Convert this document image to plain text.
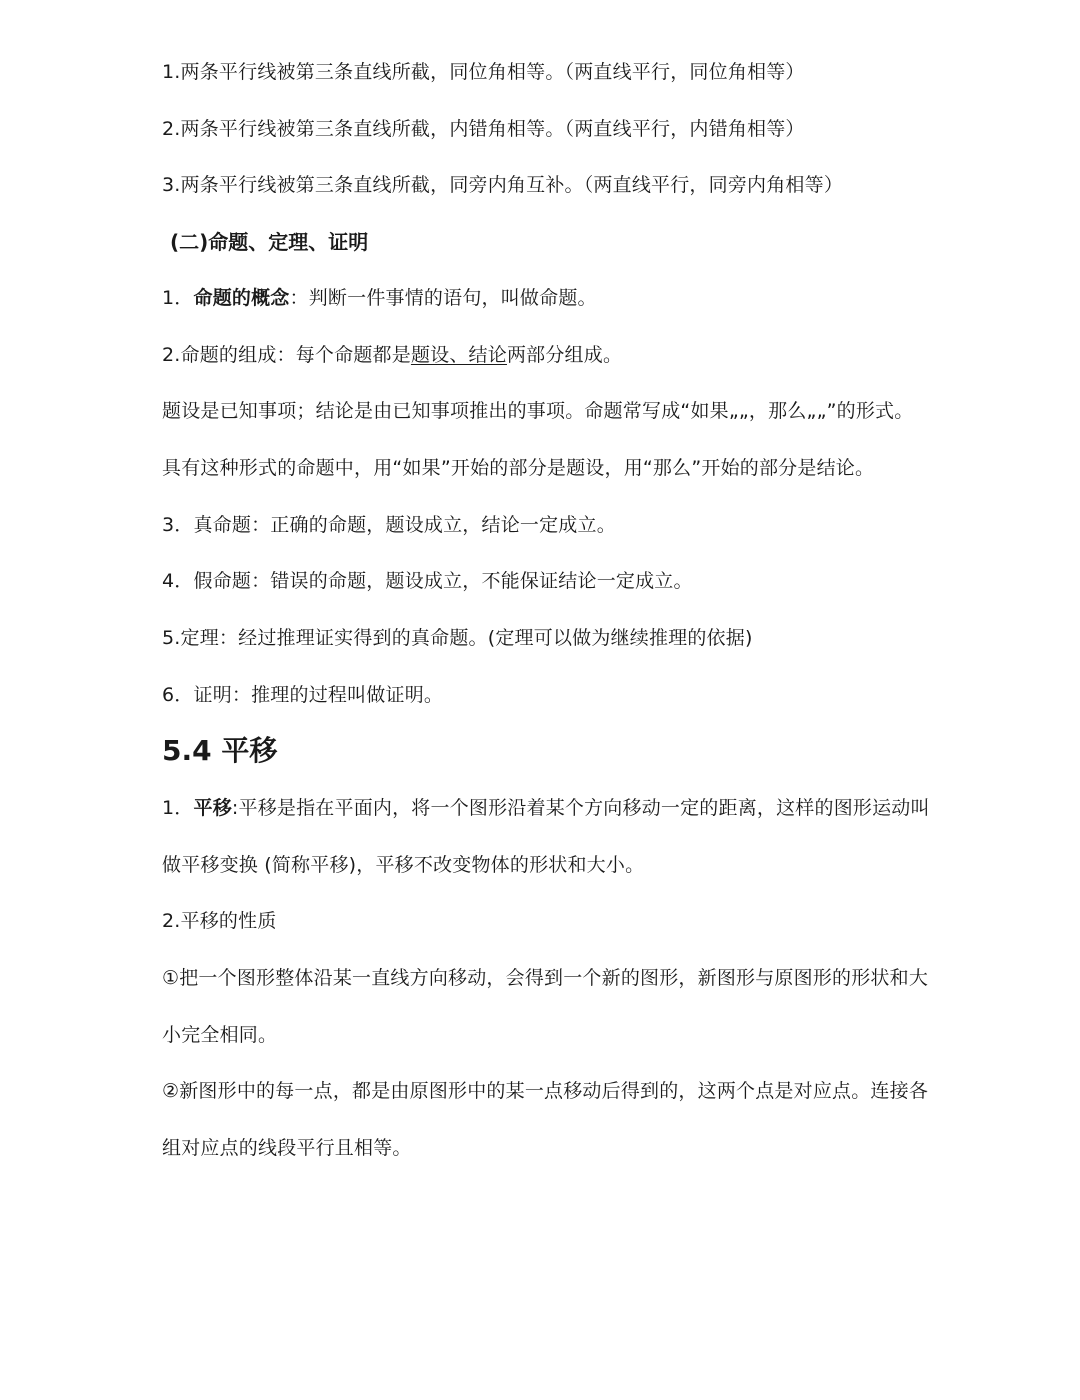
1.两条平行线被第三条直线所截，同位角相等。（两直线平行，同位角相等）
2.两条平行线被第三条直线所截，内错角相等。（两直线平行，内错角相等）
3.两条平行线被第三条直线所截，同旁内角互补。（两直线平行，同旁内角相等）
(二)命题、定理、证明
1．命题的概念：判断一件事情的语句，叫做命题。
2.命题的组成：每个命题都是题设、结论两部分组成。
题设是已知事项；结论是由已知事项推出的事项。命题常写成“如果„„，那么„„”的形式。
具有这种形式的命题中，用“如果”开始的部分是题设，用“那么”开始的部分是结论。
3．真命题：正确的命题，题设成立，结论一定成立。
4．假命题：错误的命题，题设成立，不能保证结论一定成立。
5.定理：经过推理证实得到的真命题。(定理可以做为继续推理的依据)
6．证明：推理的过程叫做证明。
5.4 平移
1．平移:平移是指在平面内，将一个图形沿着某个方向移动一定的距离，这样的图形运动叫
做平移变换 (简称平移)，平移不改变物体的形状和大小。
2.平移的性质
①把一个图形整体沿某一直线方向移动，会得到一个新的图形，新图形与原图形的形状和大
小完全相同。
②新图形中的每一点，都是由原图形中的某一点移动后得到的，这两个点是对应点。连接各
组对应点的线段平行且相等。
